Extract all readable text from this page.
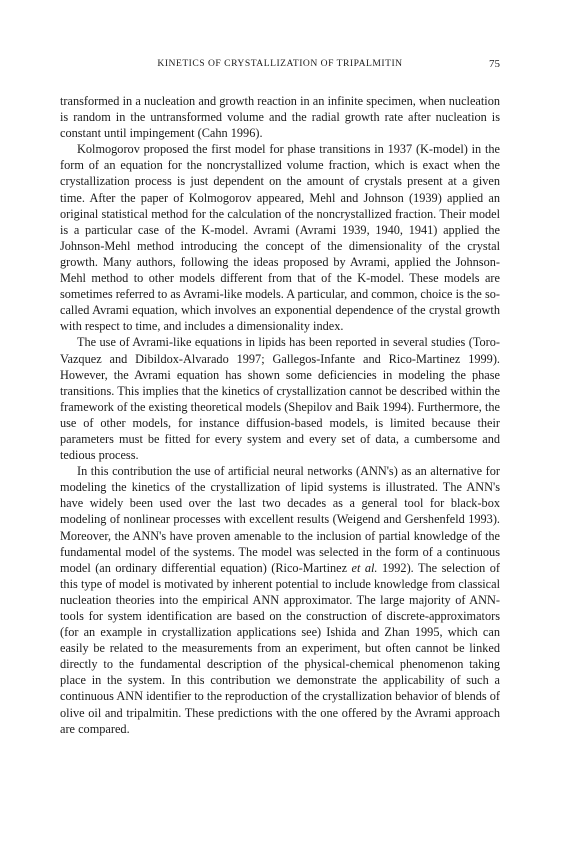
KINETICS OF CRYSTALLIZATION OF TRIPALMITIN	75

transformed in a nucleation and growth reaction in an infinite specimen, when nucleation is random in the untransformed volume and the radial growth rate after nucleation is constant until impingement (Cahn 1996).

Kolmogorov proposed the first model for phase transitions in 1937 (K-model) in the form of an equation for the noncrystallized volume fraction, which is exact when the crystallization process is just dependent on the amount of crystals present at a given time. After the paper of Kolmogorov appeared, Mehl and Johnson (1939) applied an original statistical method for the calculation of the noncrystallized fraction. Their model is a particular case of the K-model. Avrami (Avrami 1939, 1940, 1941) applied the Johnson-Mehl method introducing the concept of the dimensionality of the crystal growth. Many authors, following the ideas proposed by Avrami, applied the Johnson-Mehl method to other models different from that of the K-model. These models are sometimes referred to as Avrami-like models. A particular, and common, choice is the so-called Avrami equation, which involves an exponential dependence of the crystal growth with respect to time, and includes a dimensionality index.

The use of Avrami-like equations in lipids has been reported in several studies (Toro-Vazquez and Dibildox-Alvarado 1997; Gallegos-Infante and Rico-Martinez 1999). However, the Avrami equation has shown some deficiencies in modeling the phase transitions. This implies that the kinetics of crystallization cannot be described within the framework of the existing theoretical models (Shepilov and Baik 1994). Furthermore, the use of other models, for instance diffusion-based models, is limited because their parameters must be fitted for every system and every set of data, a cumbersome and tedious process.

In this contribution the use of artificial neural networks (ANN's) as an alternative for modeling the kinetics of the crystallization of lipid systems is illustrated. The ANN's have widely been used over the last two decades as a general tool for black-box modeling of nonlinear processes with excellent results (Weigend and Gershenfeld 1993). Moreover, the ANN's have proven amenable to the inclusion of partial knowledge of the fundamental model of the systems. The model was selected in the form of a continuous model (an ordinary differential equation) (Rico-Martinez et al. 1992). The selection of this type of model is motivated by inherent potential to include knowledge from classical nucleation theories into the empirical ANN approximator. The large majority of ANN-tools for system identification are based on the construction of discrete-approximators (for an example in crystallization applications see) Ishida and Zhan 1995, which can easily be related to the measurements from an experiment, but often cannot be linked directly to the fundamental description of the physical-chemical phenomenon taking place in the system. In this contribution we demonstrate the applicability of such a continuous ANN identifier to the reproduction of the crystallization behavior of blends of olive oil and tripalmitin. These predictions with the one offered by the Avrami approach are compared.
